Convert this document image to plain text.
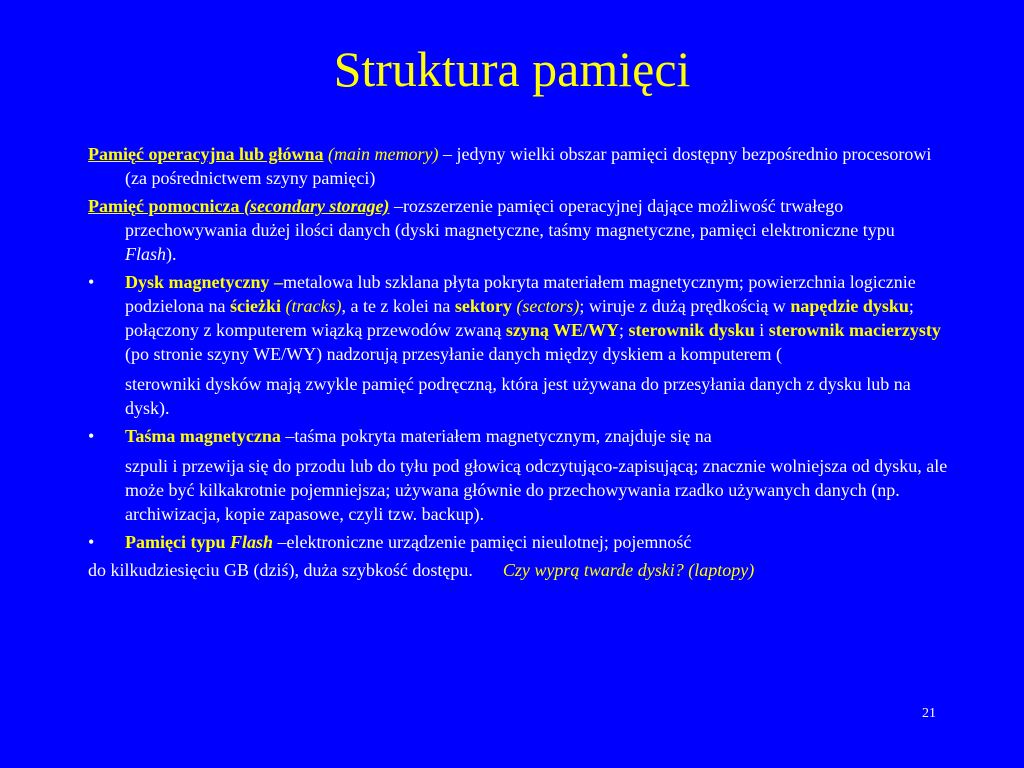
Struktura pamięci
Pamięć operacyjna lub główna (main memory) – jedyny wielki obszar pamięci dostępny bezpośrednio procesorowi (za pośrednictwem szyny pamięci)
Pamięć pomocnicza (secondary storage) –rozszerzenie pamięci operacyjnej dające możliwość trwałego przechowywania dużej ilości danych (dyski magnetyczne, taśmy magnetyczne, pamięci elektroniczne typu Flash).
• Dysk magnetyczny –metalowa lub szklana płyta pokryta materiałem magnetycznym; powierzchnia logicznie podzielona na ścieżki (tracks), a te z kolei na sektory (sectors); wiruje z dużą prędkością w napędzie dysku; połączony z komputerem wiązką przewodów zwaną szyną WE/WY; sterownik dysku i sterownik macierzysty (po stronie szyny WE/WY) nadzorują przesyłanie danych między dyskiem a komputerem (
sterowniki dysków mają zwykle pamięć podręczną, która jest używana do przesyłania danych z dysku lub na dysk).
• Taśma magnetyczna –taśma pokryta materiałem magnetycznym, znajduje się na
szpuli i przewija się do przodu lub do tyłu pod głowicą odczytująco-zapisującą; znacznie wolniejsza od dysku, ale może być kilkakrotnie pojemniejsza; używana głównie do przechowywania rzadko używanych danych (np. archiwizacja, kopie zapasowe, czyli tzw. backup).
• Pamięci typu Flash –elektroniczne urządzenie pamięci nieulotnej; pojemność
do kilkudziesięciu GB (dziś), duża szybkość dostępu. Czy wyprą twarde dyski? (laptopy)
21
